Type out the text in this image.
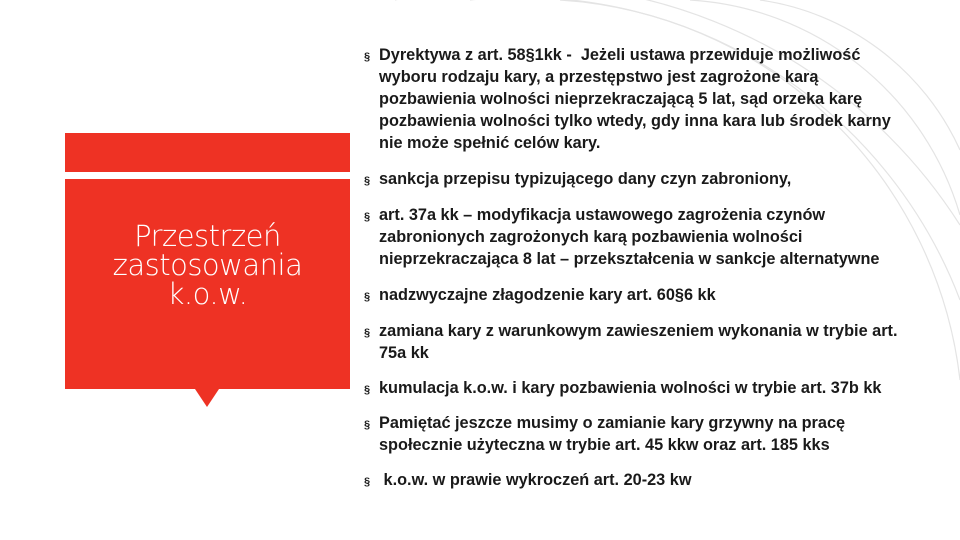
Przestrzeń
zastosowania
k.o.w.
§ Dyrektywa z art. 58§1kk -  Jeżeli ustawa przewiduje możliwość
wyboru rodzaju kary, a przestępstwo jest zagrożone karą
pozbawienia wolności nieprzekraczającą 5 lat, sąd orzeka karę
pozbawienia wolności tylko wtedy, gdy inna kara lub środek karny
nie może spełnić celów kary.
§ sankcja przepisu typizującego dany czyn zabroniony,
§ art. 37a kk – modyfikacja ustawowego zagrożenia czynów
zabronionych zagrożonych karą pozbawienia wolności
nieprzekraczająca 8 lat – przekształcenia w sankcje alternatywne
§ nadzwyczajne złagodzenie kary art. 60§6 kk
§ zamiana kary z warunkowym zawieszeniem wykonania w trybie art.
75a kk
§ kumulacja k.o.w. i kary pozbawienia wolności w trybie art. 37b kk
§ Pamiętać jeszcze musimy o zamianie kary grzywny na pracę
społecznie użyteczna w trybie art. 45 kkw oraz art. 185 kks
§ k.o.w. w prawie wykroczeń art. 20-23 kw
